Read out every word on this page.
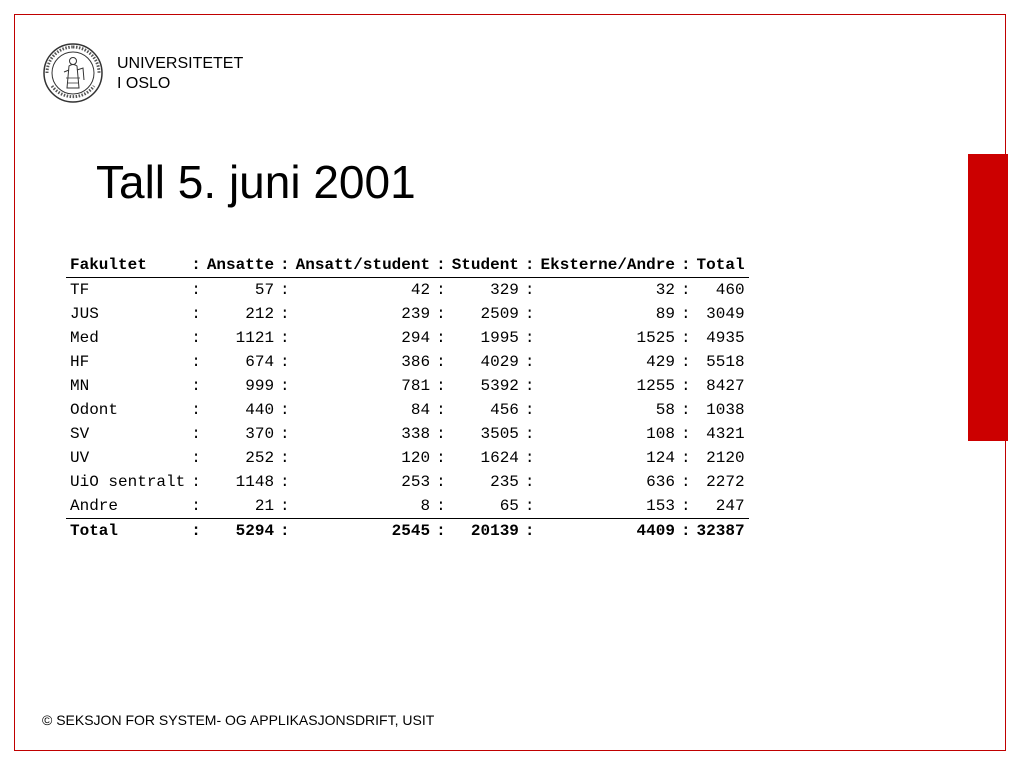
UNIVERSITETET
I OSLO
Tall 5. juni 2001
Fakultet	:	Ansatte	:	Ansatt/student	:	Student	:	Eksterne/Andre	:	Total
TF	:	57	:	42	:	329	:	32	:	460
JUS	:	212	:	239	:	2509	:	89	:	3049
Med	:	1121	:	294	:	1995	:	1525	:	4935
HF	:	674	:	386	:	4029	:	429	:	5518
MN	:	999	:	781	:	5392	:	1255	:	8427
Odont	:	440	:	84	:	456	:	58	:	1038
SV	:	370	:	338	:	3505	:	108	:	4321
UV	:	252	:	120	:	1624	:	124	:	2120
UiO sentralt	:	1148	:	253	:	235	:	636	:	2272
Andre	:	21	:	8	:	65	:	153	:	247
Total	:	5294	:	2545	:	20139	:	4409	:	32387
© SEKSJON FOR SYSTEM- OG APPLIKASJONSDRIFT, USIT
